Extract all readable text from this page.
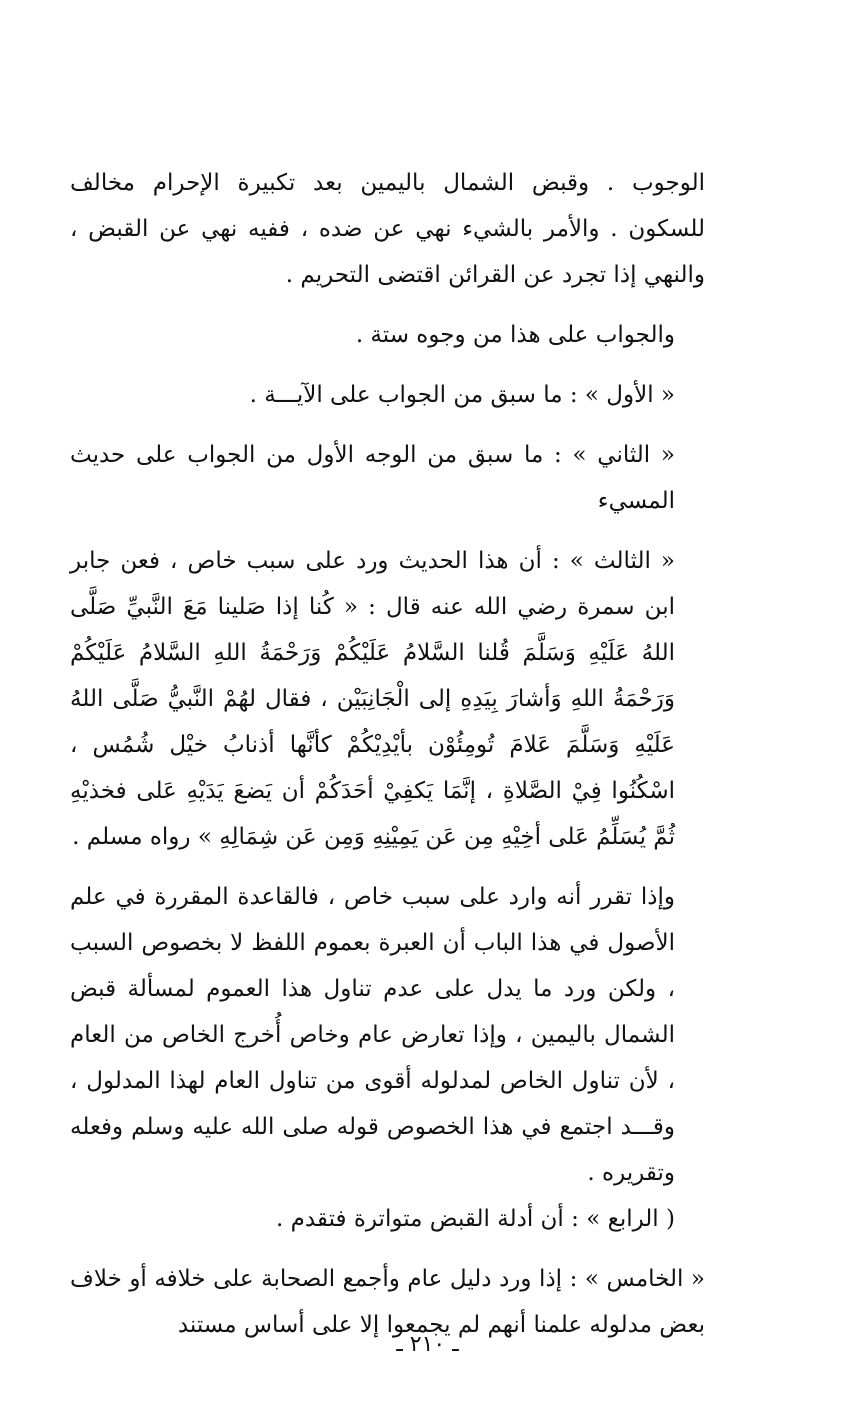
الوجوب . وقبض الشمال باليمين بعد تكبيرة الإحرام مخالف للسكون . والأمر بالشيء نهي عن ضده ، ففيه نهي عن القبض ، والنهي إذا تجرد عن القرائن اقتضى التحريم .

والجواب على هذا من وجوه ستة .

« الأول » : ما سبق من الجواب على الآيـــة .

« الثاني » : ما سبق من الوجه الأول من الجواب على حديث المسيء

« الثالث » : أن هذا الحديث ورد على سبب خاص ، فعن جابر ابن سمرة رضي الله عنه قال : « كُنا إذا صَلينا مَعَ النَّبيِّ صَلَّى اللهُ عَلَيْهِ وَسَلَّمَ قُلنا السَّلامُ عَلَيْكُمْ وَرَحْمَةُ اللهِ السَّلامُ عَلَيْكُمْ وَرَحْمَةُ اللهِ وَأشارَ بِيَدِهِ إلى الْجَانِبَيْن ، فقال لهُمْ النَّبيُّ صَلَّى اللهُ عَلَيْهِ وَسَلَّمَ عَلامَ تُومِئُوْن بأيْدِيْكُمْ كأنَّها أذنابُ خيْل شُمُس ، اسْكُنُوا فِيْ الصَّلاةِ ، إنَّمَا يَكفِيْ أحَدَكُمْ أن يَضعَ يَدَيْهِ عَلى فخذيْهِ ثُمَّ يُسَلِّمُ عَلى أخِيْهِ مِن عَن يَمِيْنِهِ وَمِن عَن شِمَالِهِ » رواه مسلم .

وإذا تقرر أنه وارد على سبب خاص ، فالقاعدة المقررة في علم الأصول في هذا الباب أن العبرة بعموم اللفظ لا بخصوص السبب ، ولكن ورد ما يدل على عدم تناول هذا العموم لمسألة قبض الشمال باليمين ، وإذا تعارض عام وخاص أُخرج الخاص من العام ، لأن تناول الخاص لمدلوله أقوى من تناول العام لهذا المدلول ، وقـــد اجتمع في هذا الخصوص قوله صلى الله عليه وسلم وفعله وتقريره .

( الرابع » : أن أدلة القبض متواترة فتقدم .

« الخامس » : إذا ورد دليل عام وأجمع الصحابة على خلافه أو خلاف بعض مدلوله علمنا أنهم لم يجمعوا إلا على أساس مستند

ـ ٢١٠ ـ
